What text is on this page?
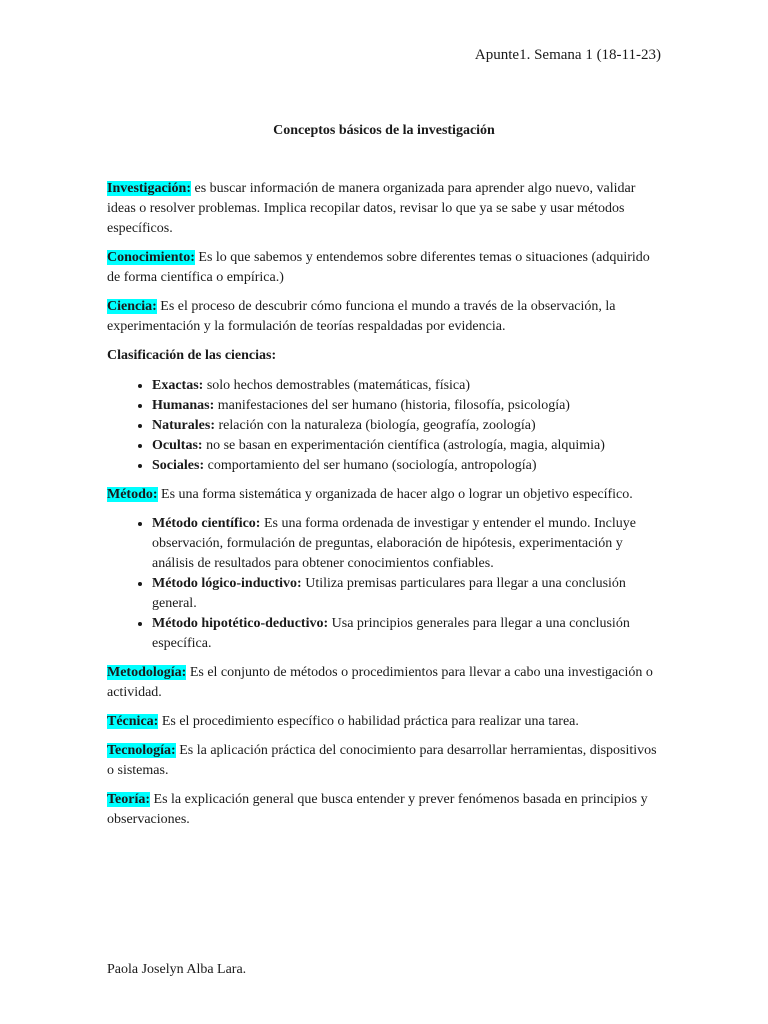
Apunte1. Semana 1 (18-11-23)
Conceptos básicos de la investigación

Investigación: es buscar información de manera organizada para aprender algo nuevo, validar ideas o resolver problemas. Implica recopilar datos, revisar lo que ya se sabe y usar métodos específicos.

Conocimiento: Es lo que sabemos y entendemos sobre diferentes temas o situaciones (adquirido de forma científica o empírica.)

Ciencia: Es el proceso de descubrir cómo funciona el mundo a través de la observación, la experimentación y la formulación de teorías respaldadas por evidencia.

Clasificación de las ciencias:

• Exactas: solo hechos demostrables (matemáticas, física)
• Humanas: manifestaciones del ser humano (historia, filosofía, psicología)
• Naturales: relación con la naturaleza (biología, geografía, zoología)
• Ocultas: no se basan en experimentación científica (astrología, magia, alquimia)
• Sociales: comportamiento del ser humano (sociología, antropología)

Método: Es una forma sistemática y organizada de hacer algo o lograr un objetivo específico.

• Método científico: Es una forma ordenada de investigar y entender el mundo. Incluye observación, formulación de preguntas, elaboración de hipótesis, experimentación y análisis de resultados para obtener conocimientos confiables.
• Método lógico-inductivo: Utiliza premisas particulares para llegar a una conclusión general.
• Método hipotético-deductivo: Usa principios generales para llegar a una conclusión específica.

Metodología: Es el conjunto de métodos o procedimientos para llevar a cabo una investigación o actividad.

Técnica: Es el procedimiento específico o habilidad práctica para realizar una tarea.

Tecnología: Es la aplicación práctica del conocimiento para desarrollar herramientas, dispositivos o sistemas.

Teoría: Es la explicación general que busca entender y prever fenómenos basada en principios y observaciones.

Paola Joselyn Alba Lara.
